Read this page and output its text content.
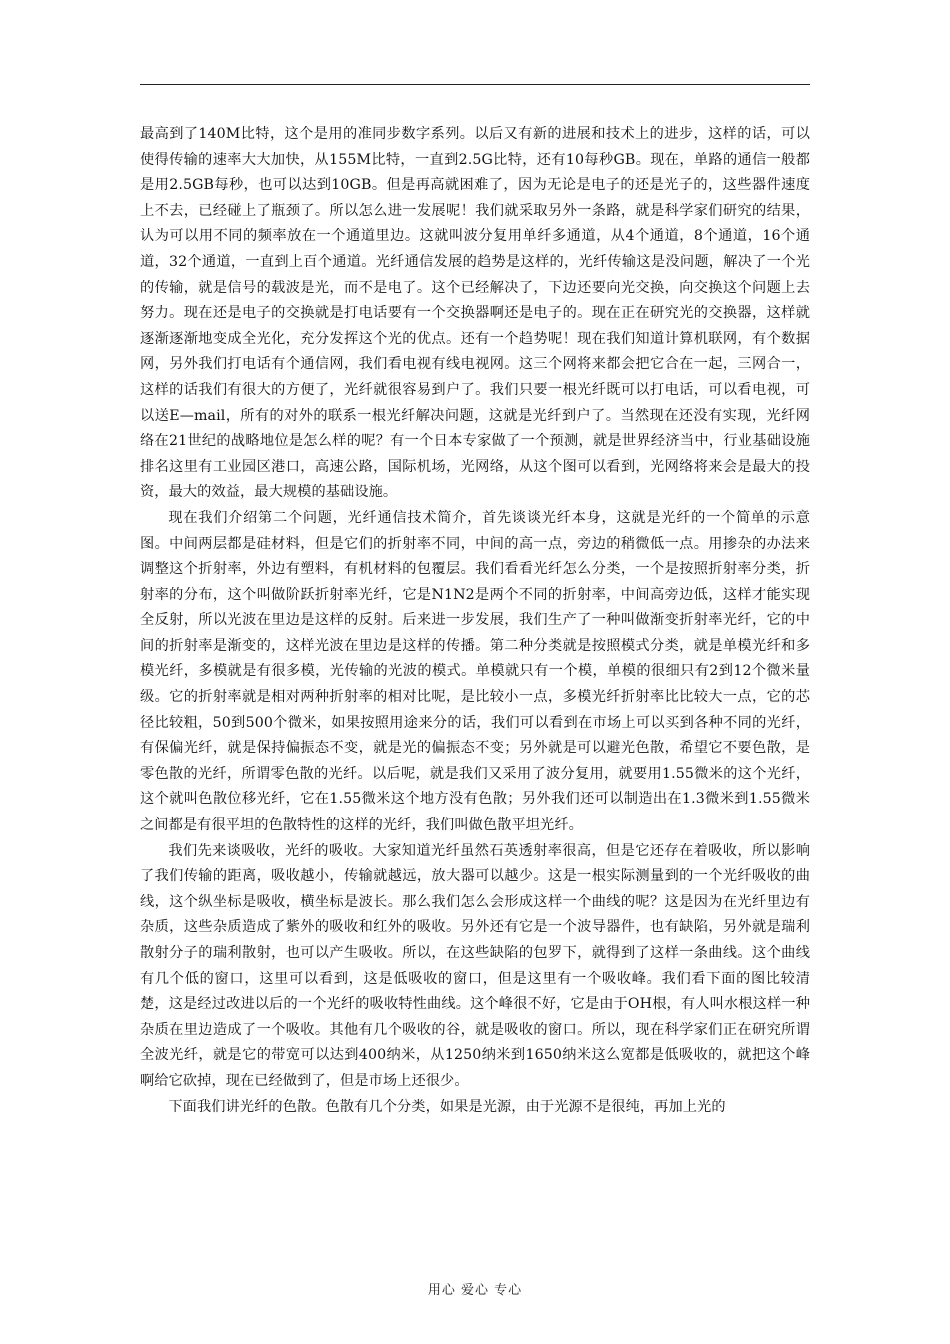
最高到了140M比特，这个是用的准同步数字系列。以后又有新的进展和技术上的进步，这样的话，可以使得传输的速率大大加快，从155M比特，一直到2.5G比特，还有10每秒GB。现在，单路的通信一般都是用2.5GB每秒，也可以达到10GB。但是再高就困难了，因为无论是电子的还是光子的，这些器件速度上不去，已经碰上了瓶颈了。所以怎么进一发展呢！我们就采取另外一条路，就是科学家们研究的结果，认为可以用不同的频率放在一个通道里边。这就叫波分复用单纤多通道，从4个通道，8个通道，16个通道，32个通道，一直到上百个通道。光纤通信发展的趋势是这样的，光纤传输这是没问题，解决了一个光的传输，就是信号的载波是光，而不是电了。这个已经解决了，下边还要向光交换，向交换这个问题上去努力。现在还是电子的交换就是打电话要有一个交换器啊还是电子的。现在正在研究光的交换器，这样就逐渐逐渐地变成全光化，充分发挥这个光的优点。还有一个趋势呢！现在我们知道计算机联网，有个数据网，另外我们打电话有个通信网，我们看电视有线电视网。这三个网将来都会把它合在一起，三网合一，这样的话我们有很大的方便了，光纤就很容易到户了。我们只要一根光纤既可以打电话，可以看电视，可以送E—mail，所有的对外的联系一根光纤解决问题，这就是光纤到户了。当然现在还没有实现，光纤网络在21世纪的战略地位是怎么样的呢？有一个日本专家做了一个预测，就是世界经济当中，行业基础设施排名这里有工业园区港口，高速公路，国际机场，光网络，从这个图可以看到，光网络将来会是最大的投资，最大的效益，最大规模的基础设施。

现在我们介绍第二个问题，光纤通信技术简介，首先谈谈光纤本身，这就是光纤的一个简单的示意图。中间两层都是硅材料，但是它们的折射率不同，中间的高一点，旁边的稍微低一点。用掺杂的办法来调整这个折射率，外边有塑料，有机材料的包覆层。我们看看光纤怎么分类，一个是按照折射率分类，折射率的分布，这个叫做阶跃折射率光纤，它是N1N2是两个不同的折射率，中间高旁边低，这样才能实现全反射，所以光波在里边是这样的反射。后来进一步发展，我们生产了一种叫做渐变折射率光纤，它的中间的折射率是渐变的，这样光波在里边是这样的传播。第二种分类就是按照模式分类，就是单模光纤和多模光纤，多模就是有很多模，光传输的光波的模式。单模就只有一个模，单模的很细只有2到12个微米量级。它的折射率就是相对两种折射率的相对比呢，是比较小一点，多模光纤折射率比比较大一点，它的芯径比较粗，50到500个微米，如果按照用途来分的话，我们可以看到在市场上可以买到各种不同的光纤，有保偏光纤，就是保持偏振态不变，就是光的偏振态不变；另外就是可以避光色散，希望它不要色散，是零色散的光纤，所谓零色散的光纤。以后呢，就是我们又采用了波分复用，就要用1.55微米的这个光纤，这个就叫色散位移光纤，它在1.55微米这个地方没有色散；另外我们还可以制造出在1.3微米到1.55微米之间都是有很平坦的色散特性的这样的光纤，我们叫做色散平坦光纤。

我们先来谈吸收，光纤的吸收。大家知道光纤虽然石英透射率很高，但是它还存在着吸收，所以影响了我们传输的距离，吸收越小，传输就越远，放大器可以越少。这是一根实际测量到的一个光纤吸收的曲线，这个纵坐标是吸收，横坐标是波长。那么我们怎么会形成这样一个曲线的呢？这是因为在光纤里边有杂质，这些杂质造成了紫外的吸收和红外的吸收。另外还有它是一个波导器件，也有缺陷，另外就是瑞利散射分子的瑞利散射，也可以产生吸收。所以，在这些缺陷的包罗下，就得到了这样一条曲线。这个曲线有几个低的窗口，这里可以看到，这是低吸收的窗口，但是这里有一个吸收峰。我们看下面的图比较清楚，这是经过改进以后的一个光纤的吸收特性曲线。这个峰很不好，它是由于OH根，有人叫水根这样一种杂质在里边造成了一个吸收。其他有几个吸收的谷，就是吸收的窗口。所以，现在科学家们正在研究所谓全波光纤，就是它的带宽可以达到400纳米，从1250纳米到1650纳米这么宽都是低吸收的，就把这个峰啊给它砍掉，现在已经做到了，但是市场上还很少。

下面我们讲光纤的色散。色散有几个分类，如果是光源，由于光源不是很纯，再加上光的

用心 爱心 专心
